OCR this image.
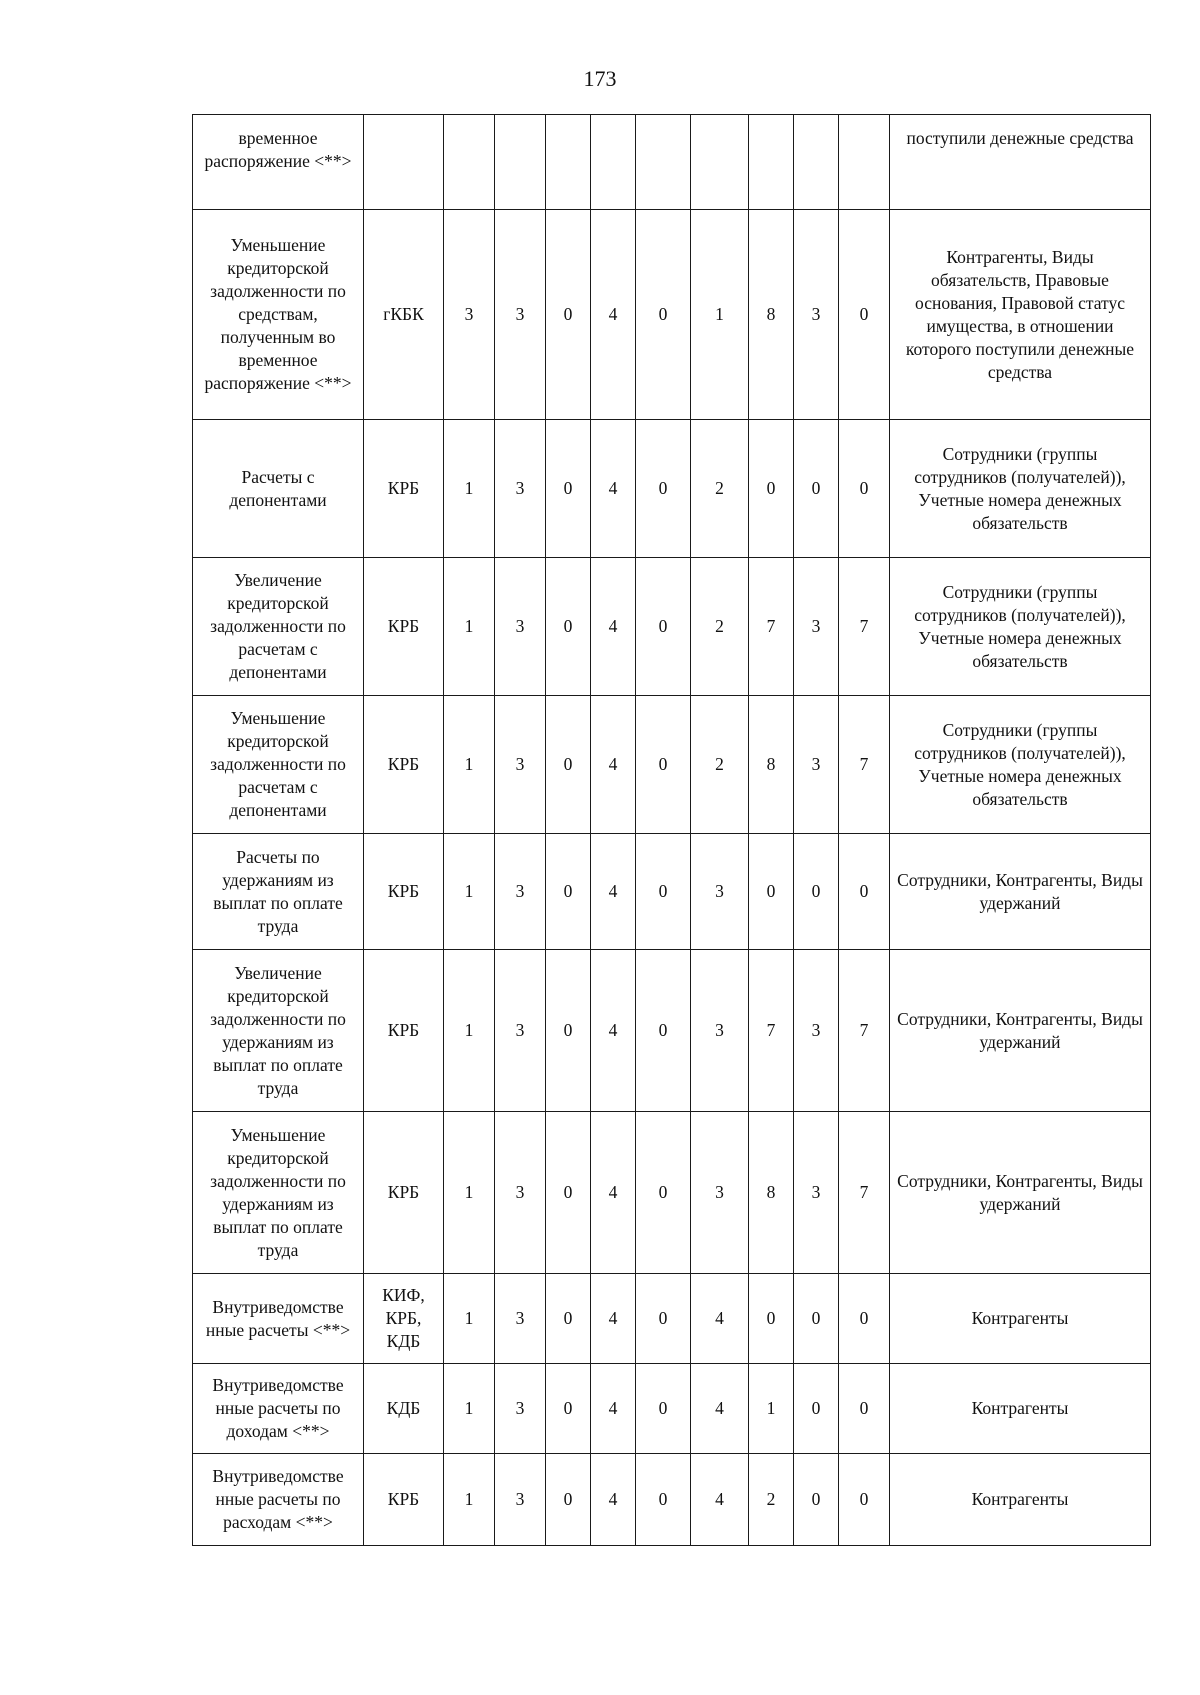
173
временное распоряжение <**>											поступили денежные средства
Уменьшение кредиторской задолженности по средствам, полученным во временное распоряжение <**>	гКБК	3	3	0	4	0	1	8	3	0	Контрагенты, Виды обязательств, Правовые основания, Правовой статус имущества, в отношении которого поступили денежные средства
Расчеты с депонентами	КРБ	1	3	0	4	0	2	0	0	0	Сотрудники (группы сотрудников (получателей)), Учетные номера денежных обязательств
Увеличение кредиторской задолженности по расчетам с депонентами	КРБ	1	3	0	4	0	2	7	3	7	Сотрудники (группы сотрудников (получателей)), Учетные номера денежных обязательств
Уменьшение кредиторской задолженности по расчетам с депонентами	КРБ	1	3	0	4	0	2	8	3	7	Сотрудники (группы сотрудников (получателей)), Учетные номера денежных обязательств
Расчеты по удержаниям из выплат по оплате труда	КРБ	1	3	0	4	0	3	0	0	0	Сотрудники, Контрагенты, Виды удержаний
Увеличение кредиторской задолженности по удержаниям из выплат по оплате труда	КРБ	1	3	0	4	0	3	7	3	7	Сотрудники, Контрагенты, Виды удержаний
Уменьшение кредиторской задолженности по удержаниям из выплат по оплате труда	КРБ	1	3	0	4	0	3	8	3	7	Сотрудники, Контрагенты, Виды удержаний
Внутриведомстве нные расчеты <**>	КИФ, КРБ, КДБ	1	3	0	4	0	4	0	0	0	Контрагенты
Внутриведомстве нные расчеты по доходам <**>	КДБ	1	3	0	4	0	4	1	0	0	Контрагенты
Внутриведомстве нные расчеты по расходам <**>	КРБ	1	3	0	4	0	4	2	0	0	Контрагенты
